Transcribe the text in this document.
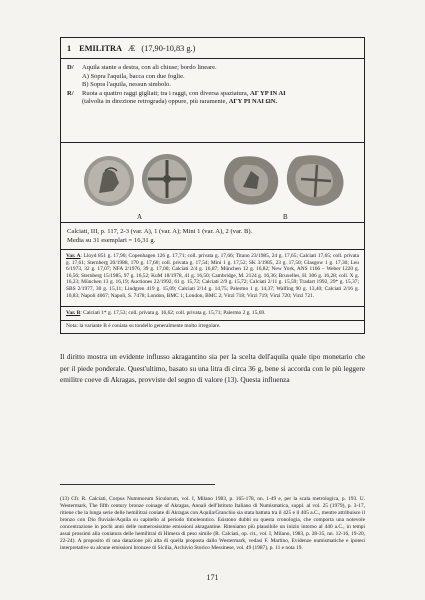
1 EMILITRA Æ (17,90-10,83 g.)
D/	Aquila stante a destra, con ali chiuse; bordo lineare.
A) Sopra l'aquila, bacca con due foglie.
B) Sopra l'aquila, nessun simbolo.
R/	Ruota a quattro raggi gigliati; tra i raggi, con diversa spaziatura, ΑΓ ΥΡ ΙΝ ΑΙ
(talvolta in direzione retrograda) oppure, più raramente, ΑΓΥ ΡΙ ΝΑΙ ΩΝ.
A	B
Calciati, III, p. 117, 2-3 (var. A), 1 (var. A); Mini 1 (var. A), 2 (var. B).
Media su 31 esemplari = 16,31 g.
Var. A: Lloyd 851 g. 17,90; Copenhagen 126 g. 17,71; coll. privata g. 17,66; Titano 23/1985, 24 g. 17,65; Calciati 17,65; coll. privata g. 17,61; Sternberg 20/1988, 170 g. 17,60; coll. privata g. 17,54; Mini 1 g. 17,52; SK 3/1985, 23 g. 17,50; Glasgow 1 g. 17,30; Leu 6/1973, 32 g. 17,07; NFA 2/1976, 39 g. 17,00; Calciati 2/4 g. 16,87; München 12 g. 16,82; New York, ANS 1166 – Weber 1220 g. 16,56; Sternberg 15/1985, 97 g. 16,52; KuM 18/1978, 41 g. 16,50; Cambridge, M. 2124 g. 16,36; Bruxelles, H. 306 g. 16,28; coll. X g. 16,23; München 13 g. 16,19; Auctiones 22/1992, 61 g. 15,72; Calciati 2/9 g. 15,72; Calciati 2/11 g. 15,59; Tradart 1992, 29* g. 15,37; SBS 2/1977, 30 g. 15,11; Lindgren 419 g. 15,09; Calciati 2/14 g. 14,75; Palermo 1 g. 14,37; Walfing 90 g. 13,40; Calciati 2/16 g. 10,83; Napoli 4067; Napoli, S. 7478; London, BMC 1; London, BMC 2; Virzì 718; Virzì 719; Virzì 720; Virzì 721.
Var. B: Calciati 1* g. 17,53; coll. privata g. 16,62; coll. privata g. 15,71; Palermo 2 g. 15,69.
Nota: la variante B è coniata su tondello generalmente molto irregolare.

Il diritto mostra un evidente influsso akragantino sia per la scelta dell'aquila quale tipo monetario che per il piede ponderale. Quest'ultimo, basato su una litra di circa 36 g, bene si accorda con le più leggere emilitre coeve di Akragas, provviste del segno di valore (13). Questa influenza

(13) Cfr. R. Calciati, Corpus Nummorum Siculorum, vol. I, Milano 1983, p. 165-178, nn. 1-49 e, per la scala metrologica, p. 193. U. Westermark, The fifth century bronze coinage of Akragas, Annali dell'Istituto Italiano di Numismatica, suppl. al vol. 25 (1979), p. 3-17, ritiene che la lunga serie delle hemilitrai coniate di Akragas con Aquila/Granchio sia stata battuta tra il 425 e il 405 a.C., mentre attribuisce il bronzo con Dio fluviale/Aquila su capitello al periodo timoleontico. Esistono dubbi su questa cronologia, che comporta una notevole concentrazione in pochi anni delle numerosissime emissioni akragantine. Riteniamo più plausibile un inizio intorno al 440 a.C., in tempi assai prossimi alla coniatura delle hemilitrai di Himera di peso simile (R. Calciati, op. cit., vol. I, Milano, 1983, p. 28-35, nn. 12-16, 19-20, 22-24). A proposito di una datazione più alta di quella proposta dallo Westermark, vedasi F. Martino, Evidenze numismatiche e ipotesi interpretative su alcune emissioni bronzee di Sicilia, Archivio Storico Messinese, vol. 49 (1987), p. 11 e nota 19.

171
